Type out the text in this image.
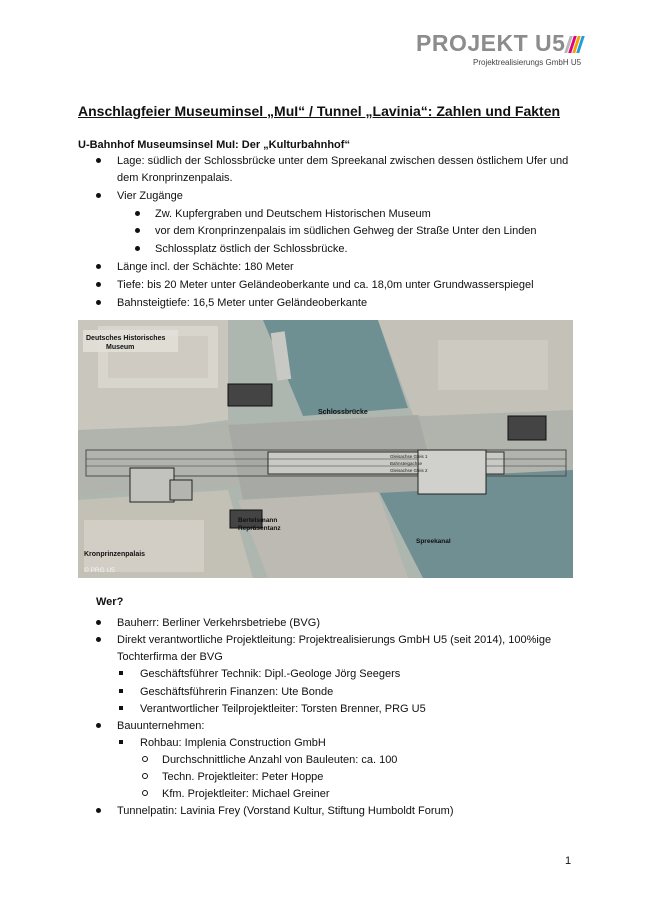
PROJEKT U5
Projektrealisierungs GmbH U5
Anschlagfeier Museuminsel „MuI“ / Tunnel „Lavinia“: Zahlen und Fakten
U-Bahnhof Museumsinsel MuI: Der „Kulturbahnhof“
Lage: südlich der Schlossbrücke unter dem Spreekanal zwischen dessen östlichem Ufer und
dem Kronprinzenpalais.
Vier Zugänge
Zw. Kupfergraben und Deutschem Historischen Museum
vor dem Kronprinzenpalais im südlichen Gehweg der Straße Unter den Linden
Schlossplatz östlich der Schlossbrücke.
Länge incl. der Schächte: 180 Meter
Tiefe: bis 20 Meter unter Geländeoberkante und ca. 18,0m unter Grundwasserspiegel
Bahnsteigtiefe: 16,5 Meter unter Geländeoberkante
Deutsches Historisches
Museum
Schlossbrücke
Gleisachse Gleis 1
Bahnsteigachse
Gleisachse Gleis 2
Bertelsmann
Repräsentanz
Spreekanal
Kronprinzenpalais
© PRG U5
Wer?
Bauherr: Berliner Verkehrsbetriebe (BVG)
Direkt verantwortliche Projektleitung: Projektrealisierungs GmbH U5 (seit 2014), 100%ige
Tochterfirma der BVG
Geschäftsführer Technik: Dipl.-Geologe Jörg Seegers
Geschäftsführerin Finanzen: Ute Bonde
Verantwortlicher Teilprojektleiter: Torsten Brenner, PRG U5
Bauunternehmen:
Rohbau: Implenia Construction GmbH
Durchschnittliche Anzahl von Bauleuten: ca. 100
Techn. Projektleiter: Peter Hoppe
Kfm. Projektleiter: Michael Greiner
Tunnelpatin: Lavinia Frey (Vorstand Kultur, Stiftung Humboldt Forum)
1
